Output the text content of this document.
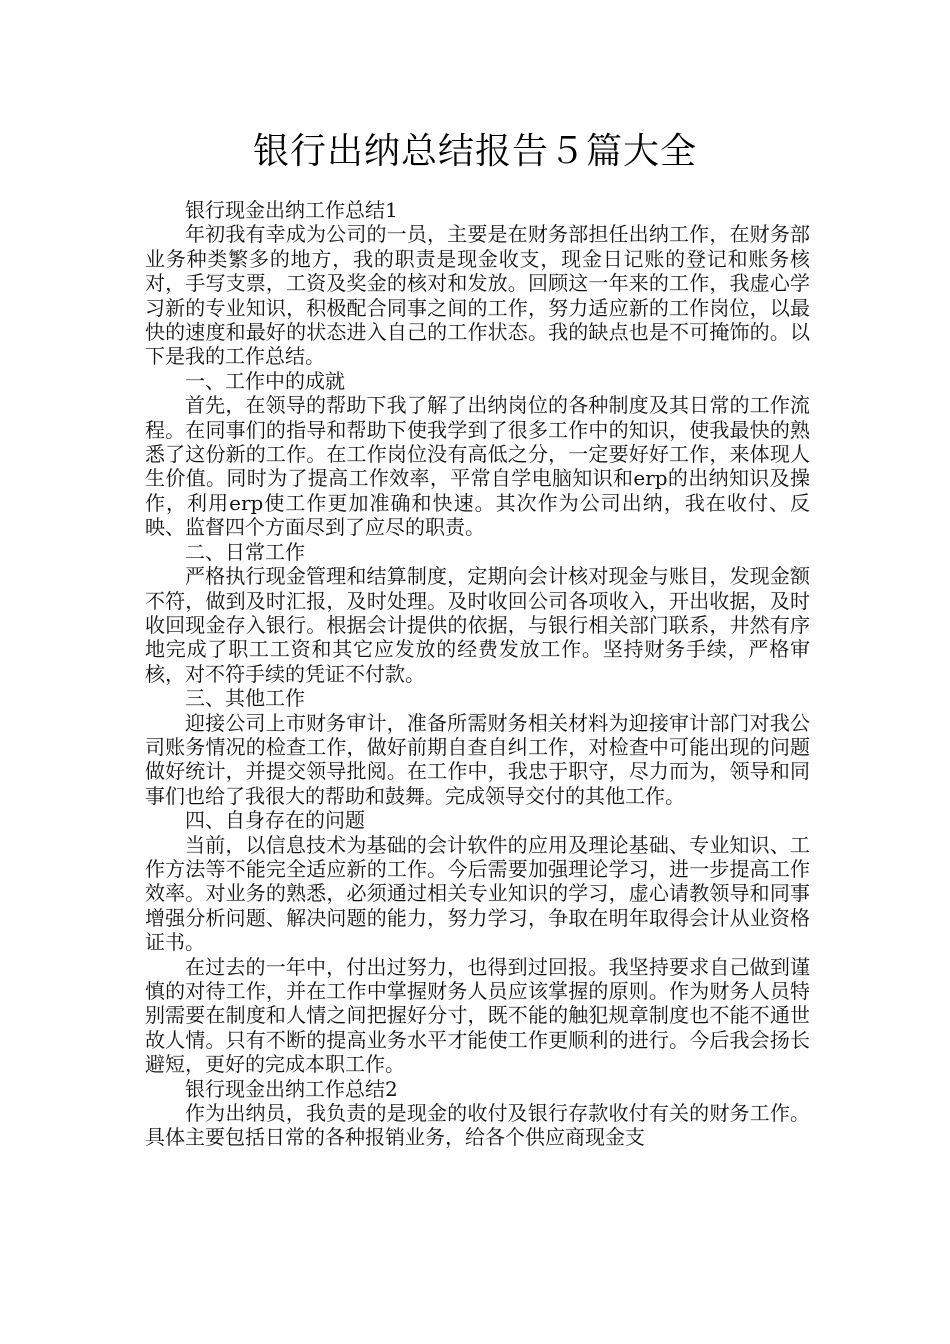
银行出纳总结报告５篇大全
银行现金出纳工作总结1
年初我有幸成为公司的一员，主要是在财务部担任出纳工作，在财务部业务种类繁多的地方，我的职责是现金收支，现金日记账的登记和账务核对，手写支票，工资及奖金的核对和发放。回顾这一年来的工作，我虚心学习新的专业知识，积极配合同事之间的工作，努力适应新的工作岗位，以最快的速度和最好的状态进入自己的工作状态。我的缺点也是不可掩饰的。以下是我的工作总结。
一、工作中的成就
首先，在领导的帮助下我了解了出纳岗位的各种制度及其日常的工作流程。在同事们的指导和帮助下使我学到了很多工作中的知识，使我最快的熟悉了这份新的工作。在工作岗位没有高低之分，一定要好好工作，来体现人生价值。同时为了提高工作效率，平常自学电脑知识和erp的出纳知识及操作，利用erp使工作更加准确和快速。其次作为公司出纳，我在收付、反映、监督四个方面尽到了应尽的职责。
二、日常工作
严格执行现金管理和结算制度，定期向会计核对现金与账目，发现金额不符，做到及时汇报，及时处理。及时收回公司各项收入，开出收据，及时收回现金存入银行。根据会计提供的依据，与银行相关部门联系，井然有序地完成了职工工资和其它应发放的经费发放工作。坚持财务手续，严格审核，对不符手续的凭证不付款。
三、其他工作
迎接公司上市财务审计，准备所需财务相关材料为迎接审计部门对我公司账务情况的检查工作，做好前期自查自纠工作，对检查中可能出现的问题做好统计，并提交领导批阅。在工作中，我忠于职守，尽力而为，领导和同事们也给了我很大的帮助和鼓舞。完成领导交付的其他工作。
四、自身存在的问题
当前，以信息技术为基础的会计软件的应用及理论基础、专业知识、工作方法等不能完全适应新的工作。今后需要加强理论学习，进一步提高工作效率。对业务的熟悉，必须通过相关专业知识的学习，虚心请教领导和同事增强分析问题、解决问题的能力，努力学习，争取在明年取得会计从业资格证书。
在过去的一年中，付出过努力，也得到过回报。我坚持要求自己做到谨慎的对待工作，并在工作中掌握财务人员应该掌握的原则。作为财务人员特别需要在制度和人情之间把握好分寸，既不能的触犯规章制度也不能不通世故人情。只有不断的提高业务水平才能使工作更顺利的进行。今后我会扬长避短，更好的完成本职工作。
银行现金出纳工作总结2
作为出纳员，我负责的是现金的收付及银行存款收付有关的财务工作。具体主要包括日常的各种报销业务，给各个供应商现金支
